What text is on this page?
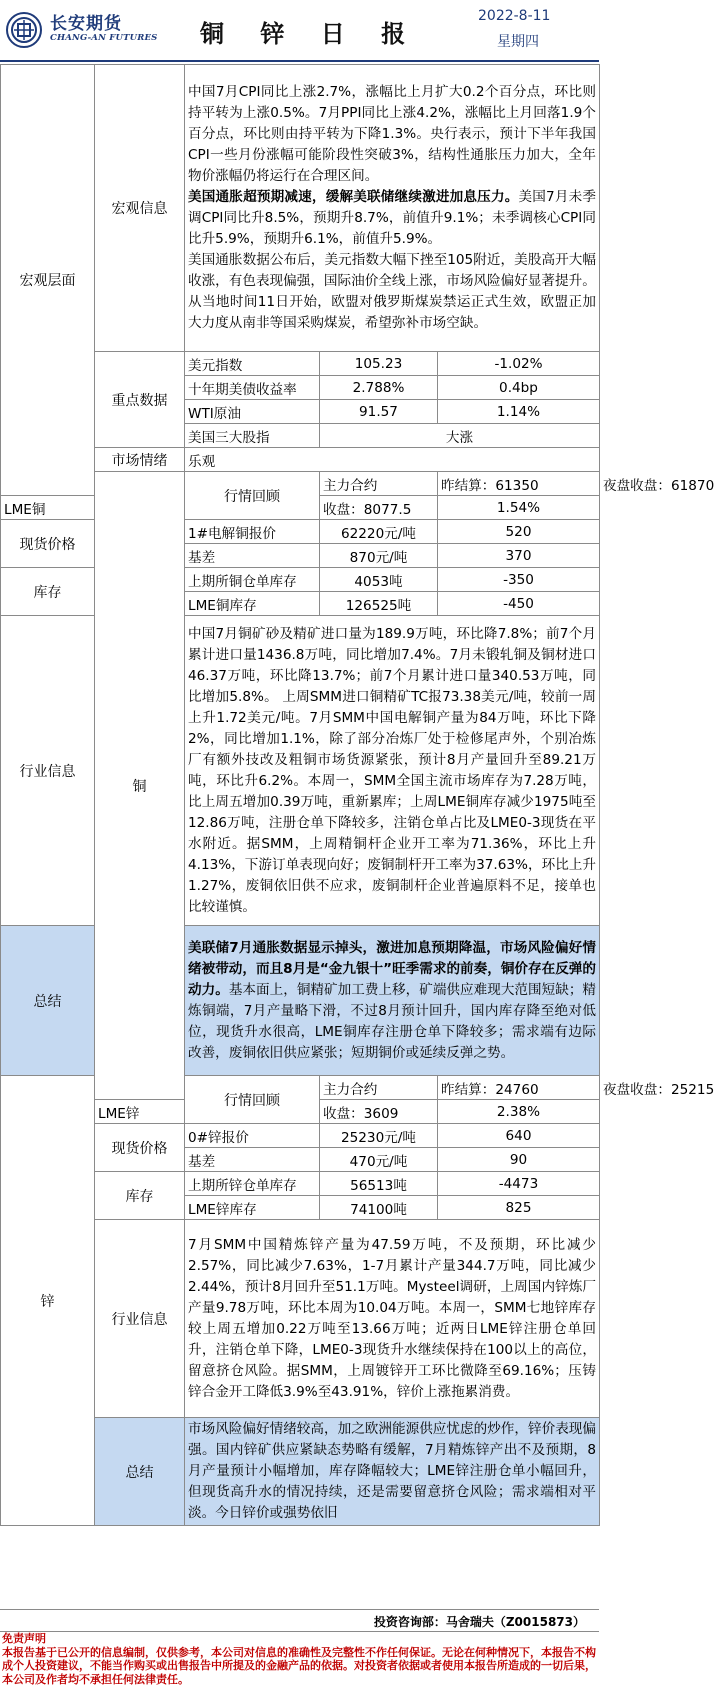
长安期货
CHANG-AN FUTURES 铜 锌 日 报
2022-8-11
星期四
宏观层面	宏观信息	中国7月CPI同比上涨2.7%，涨幅比上月扩大0.2个百分点，环比则持平转为上涨0.5%。7月PPI同比上涨4.2%，涨幅比上月回落1.9个百分点，环比则由持平转为下降1.3%。央行表示，预计下半年我国CPI一些月份涨幅可能阶段性突破3%，结构性通胀压力加大，全年物价涨幅仍将运行在合理区间。

美国通胀超预期减速，缓解美联储继续激进加息压力。美国7月未季调CPI同比升8.5%，预期升8.7%，前值升9.1%；未季调核心CPI同比升5.9%，预期升6.1%，前值升5.9%。

美国通胀数据公布后，美元指数大幅下挫至105附近，美股高开大幅收涨，有色表现偏强，国际油价全线上涨，市场风险偏好显著提升。

从当地时间11日开始，欧盟对俄罗斯煤炭禁运正式生效，欧盟正加大力度从南非等国采购煤炭，希望弥补市场空缺。			

	重点数据	美元指数	105.23	-1.02%	
		十年期美债收益率	2.788%	0.4bp	
		WTI原油	91.57	1.14%	
		美国三大股指	大涨		
	市场情绪	乐观			
	铜	行情回顾	主力合约	昨结算：61350	夜盘收盘：61870
LME铜			收盘：8077.5	1.54%	
现货价格		1#电解铜报价	62220元/吨	520	
		基差	870元/吨	370	
库存		上期所铜仓单库存	4053吨	-350	
		LME铜库存	126525吨	-450	
行业信息		中国7月铜矿砂及精矿进口量为189.9万吨，环比降7.8%；前7个月累计进口量1436.8万吨，同比增加7.4%。7月未锻轧铜及铜材进口46.37万吨，环比降13.7%；前7个月累计进口量340.53万吨，同比增加5.8%。 上周SMM进口铜精矿TC报73.38美元/吨，较前一周上升1.72美元/吨。7月SMM中国电解铜产量为84万吨，环比下降2%，同比增加1.1%，除了部分冶炼厂处于检修尾声外，个别冶炼厂有额外技改及粗铜市场货源紧张，预计8月产量回升至89.21万吨，环比升6.2%。本周一，SMM全国主流市场库存为7.28万吨，比上周五增加0.39万吨，重新累库；上周LME铜库存减少1975吨至12.86万吨，注册仓单下降较多，注销仓单占比及LME0-3现货在平水附近。据SMM，上周精铜杆企业开工率为71.36%，环比上升4.13%，下游订单表现向好；废铜制杆开工率为37.63%，环比上升1.27%，废铜依旧供不应求，废铜制杆企业普遍原料不足，接单也比较谨慎。			
总结		美联储7月通胀数据显示掉头，激进加息预期降温，市场风险偏好情绪被带动，而且8月是“金九银十”旺季需求的前奏，铜价存在反弹的动力。基本面上，铜精矿加工费上移，矿端供应难现大范围短缺；精炼铜端，7月产量略下滑，不过8月预计回升，国内库存降至绝对低位，现货升水很高，LME铜库存注册仓单下降较多；需求端有边际改善，废铜依旧供应紧张；短期铜价或延续反弹之势。			
锌		行情回顾	主力合约	昨结算：24760	夜盘收盘：25215
	LME锌		收盘：3609	2.38%	
	现货价格	0#锌报价	25230元/吨	640	
		基差	470元/吨	90	
	库存	上期所锌仓单库存	56513吨	-4473	
		LME锌库存	74100吨	825	
	行业信息	7月SMM中国精炼锌产量为47.59万吨，不及预期，环比减少2.57%，同比减少7.63%，1-7月累计产量344.7万吨，同比减少2.44%，预计8月回升至51.1万吨。Mysteel调研，上周国内锌炼厂产量9.78万吨，环比本周为10.04万吨。本周一，SMM七地锌库存较上周五增加0.22万吨至13.66万吨；近两日LME锌注册仓单回升，注销仓单下降，LME0-3现货升水继续保持在100以上的高位，留意挤仓风险。据SMM，上周镀锌开工环比微降至69.16%；压铸锌合金开工降低3.9%至43.91%，锌价上涨拖累消费。			
	总结	市场风险偏好情绪较高，加之欧洲能源供应忧虑的炒作，锌价表现偏强。国内锌矿供应紧缺态势略有缓解，7月精炼锌产出不及预期，8月产量预计小幅增加，库存降幅较大；LME锌注册仓单小幅回升，但现货高升水的情况持续，还是需要留意挤仓风险；需求端相对平淡。今日锌价或强势依旧			
投资咨询部：马舍瑞夫（Z0015873）
免责声明
本报告基于已公开的信息编制，仅供参考，本公司对信息的准确性及完整性不作任何保证。无论在何种情况下，本报告不构成个人投资建议，不能当作购买或出售报告中所提及的金融产品的依据。对投资者依据或者使用本报告所造成的一切后果，本公司及作者均不承担任何法律责任。
